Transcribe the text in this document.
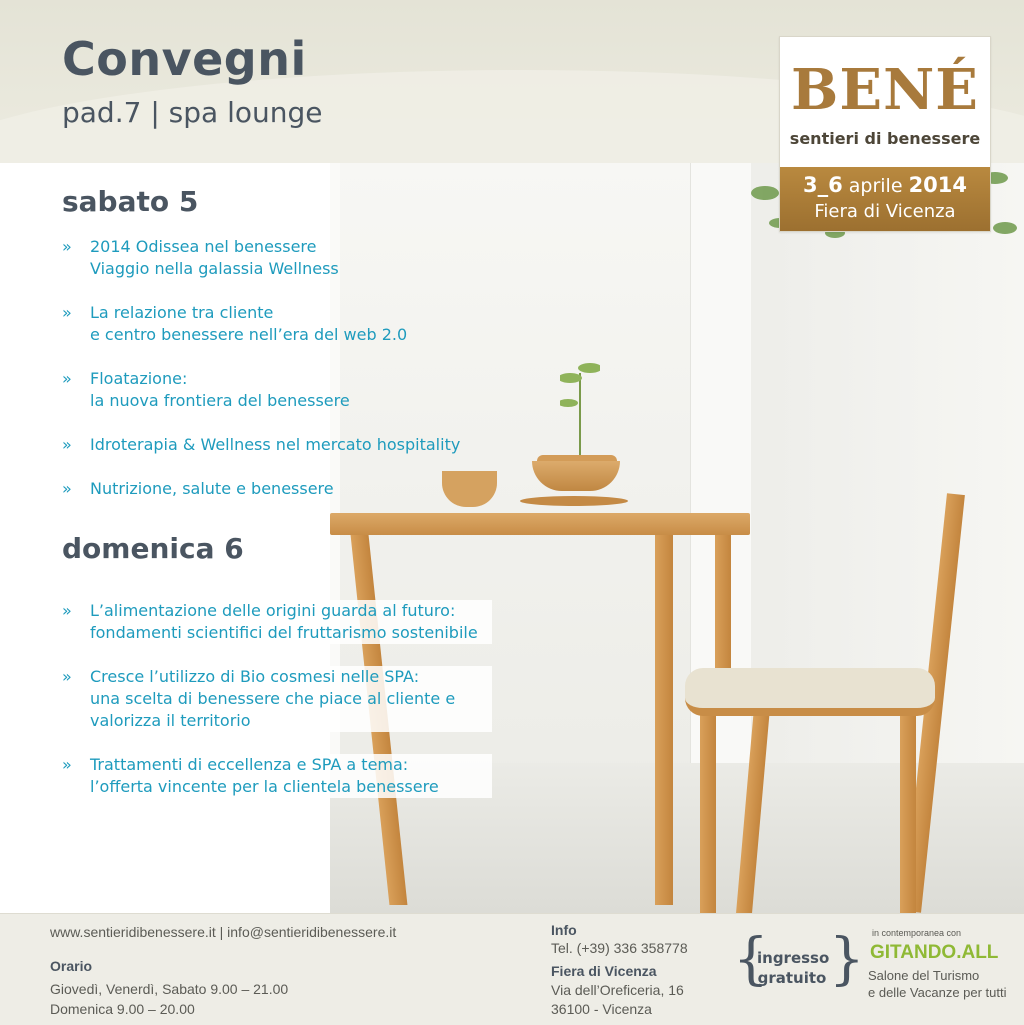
Convegni
pad.7 | spa lounge
sabato 5
» 2014 Odissea nel benessere
Viaggio nella galassia Wellness
» La relazione tra cliente
e centro benessere nell’era del web 2.0
» Floatazione:
la nuova frontiera del benessere
» Idroterapia & Wellness nel mercato hospitality
» Nutrizione, salute e benessere
domenica 6
» L’alimentazione delle origini guarda al futuro:
fondamenti scientifici del fruttarismo sostenibile
» Cresce l’utilizzo di Bio cosmesi nelle SPA:
una scelta di benessere che piace al cliente e
valorizza il territorio
» Trattamenti di eccellenza e SPA a tema:
l’offerta vincente per la clientela benessere
BENÉ
sentieri di benessere
3_6 aprile 2014
Fiera di Vicenza
www.sentieridibenessere.it | info@sentieridibenessere.it
Orario
Giovedì, Venerdì, Sabato 9.00 – 21.00
Domenica 9.00 – 20.00
Info
Tel. (+39) 336 358778
Fiera di Vicenza
Via dell’Oreficeria, 16
36100 - Vicenza
{
ingresso
gratuito } in contemporanea con
GITANDO.ALL
Salone del Turismo
e delle Vacanze per tutti
